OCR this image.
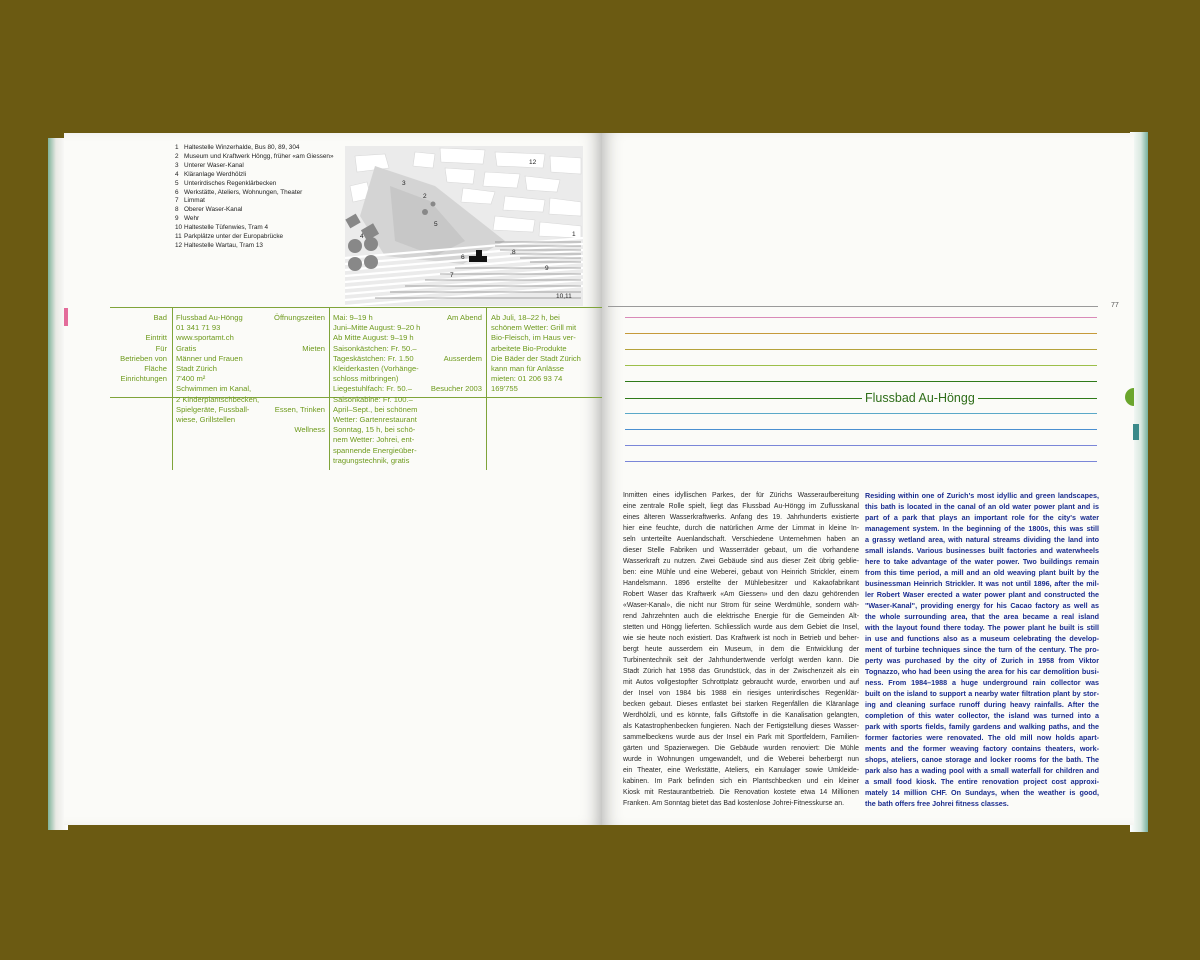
1 Haltestelle Winzerhalde, Bus 80, 89, 304
2 Museum und Kraftwerk Höngg, früher «am Giessen»
3 Unterer Waser-Kanal
4 Kläranlage Werdhölzli
5 Unterirdisches Regenklärbecken
6 Werkstätte, Ateliers, Wohnungen, Theater
7 Limmat
8 Oberer Waser-Kanal
9 Wehr
10 Haltestelle Tüfenwies, Tram 4
11 Parkplätze unter der Europabrücke
12 Haltestelle Wartau, Tram 13
1
2
3
4
5
6
7
8
9
10,11
12
Bad

Eintritt
Für
Betrieben von
Fläche
Einrichtungen
Flussbad Au-Höngg
01 341 71 93
www.sportamt.ch
Gratis
Männer und Frauen
Stadt Zürich
7'400 m²
Schwimmen im Kanal,
2 Kinderplantschbecken,
Spielgeräte, Fussball-
wiese, Grillstellen
Öffnungszeiten

Mieten

Essen, Trinken

Wellness
Mai: 9–19 h
Juni–Mitte August: 9–20 h
Ab Mitte August: 9–19 h
Saisonkästchen: Fr. 50.–
Tageskästchen: Fr. 1.50
Kleiderkasten (Vorhänge-
schloss mitbringen)
Liegestuhlfach: Fr. 50.–
Saisonkabine: Fr. 100.–
April–Sept., bei schönem
Wetter: Gartenrestaurant
Sonntag, 15 h, bei schö-
nem Wetter: Johrei, ent-
spannende Energieüber-
tragungstechnik, gratis
Am Abend

Ausserdem

Besucher 2003
Ab Juli, 18–22 h, bei
schönem Wetter: Grill mit
Bio-Fleisch, im Haus ver-
arbeitete Bio-Produkte
Die Bäder der Stadt Zürich
kann man für Anlässe
mieten: 01 206 93 74
169'755
77
Flussbad Au-Höngg
Inmitten eines idyllischen Parkes, der für Zürichs Wasseraufbereitung
eine zentrale Rolle spielt, liegt das Flussbad Au-Höngg im Zuflusskanal
eines älteren Wasserkraftwerks. Anfang des 19. Jahrhunderts existierte
hier eine feuchte, durch die natürlichen Arme der Limmat in kleine In-
seln unterteilte Auenlandschaft. Verschiedene Unternehmen haben an
dieser Stelle Fabriken und Wasserräder gebaut, um die vorhandene
Wasserkraft zu nutzen. Zwei Gebäude sind aus dieser Zeit übrig geblie-
ben: eine Mühle und eine Weberei, gebaut von Heinrich Strickler, einem
Handelsmann. 1896 erstellte der Mühlebesitzer und Kakaofabrikant
Robert Waser das Kraftwerk «Am Giessen» und den dazu gehörenden
«Waser-Kanal», die nicht nur Strom für seine Werdmühle, sondern wäh-
rend Jahrzehnten auch die elektrische Energie für die Gemeinden Alt-
stetten und Höngg lieferten. Schliesslich wurde aus dem Gebiet die Insel,
wie sie heute noch existiert. Das Kraftwerk ist noch in Betrieb und beher-
bergt heute ausserdem ein Museum, in dem die Entwicklung der
Turbinentechnik seit der Jahrhundertwende verfolgt werden kann. Die
Stadt Zürich hat 1958 das Grundstück, das in der Zwischenzeit als ein
mit Autos vollgestopfter Schrottplatz gebraucht wurde, erworben und auf
der Insel von 1984 bis 1988 ein riesiges unterirdisches Regenklär-
becken gebaut. Dieses entlastet bei starken Regenfällen die Kläranlage
Werdhölzli, und es könnte, falls Giftstoffe in die Kanalisation gelangten,
als Katastrophenbecken fungieren. Nach der Fertigstellung dieses Wasser-
sammelbeckens wurde aus der Insel ein Park mit Sportfeldern, Familien-
gärten und Spazierwegen. Die Gebäude wurden renoviert: Die Mühle
wurde in Wohnungen umgewandelt, und die Weberei beherbergt nun
ein Theater, eine Werkstätte, Ateliers, ein Kanulager sowie Umkleide-
kabinen. Im Park befinden sich ein Plantschbecken und ein kleiner
Kiosk mit Restaurantbetrieb. Die Renovation kostete etwa 14 Millionen
Franken. Am Sonntag bietet das Bad kostenlose Johrei-Fitnesskurse an.
Residing within one of Zurich's most idyllic and green landscapes,
this bath is located in the canal of an old water power plant and is
part of a park that plays an important role for the city's water
management system. In the beginning of the 1800s, this was still
a grassy wetland area, with natural streams dividing the land into
small islands. Various businesses built factories and waterwheels
here to take advantage of the water power. Two buildings remain
from this time period, a mill and an old weaving plant built by the
businessman Heinrich Strickler. It was not until 1896, after the mil-
ler Robert Waser erected a water power plant and constructed the
"Waser-Kanal", providing energy for his Cacao factory as well as
the whole surrounding area, that the area became a real island
with the layout found there today. The power plant he built is still
in use and functions also as a museum celebrating the develop-
ment of turbine techniques since the turn of the century. The pro-
perty was purchased by the city of Zurich in 1958 from Viktor
Tognazzo, who had been using the area for his car demolition busi-
ness. From 1984–1988 a huge underground rain collector was
built on the island to support a nearby water filtration plant by stor-
ing and cleaning surface runoff during heavy rainfalls. After the
completion of this water collector, the island was turned into a
park with sports fields, family gardens and walking paths, and the
former factories were renovated. The old mill now holds apart-
ments and the former weaving factory contains theaters, work-
shops, ateliers, canoe storage and locker rooms for the bath. The
park also has a wading pool with a small waterfall for children and
a small food kiosk. The entire renovation project cost approxi-
mately 14 million CHF. On Sundays, when the weather is good,
the bath offers free Johrei fitness classes.
